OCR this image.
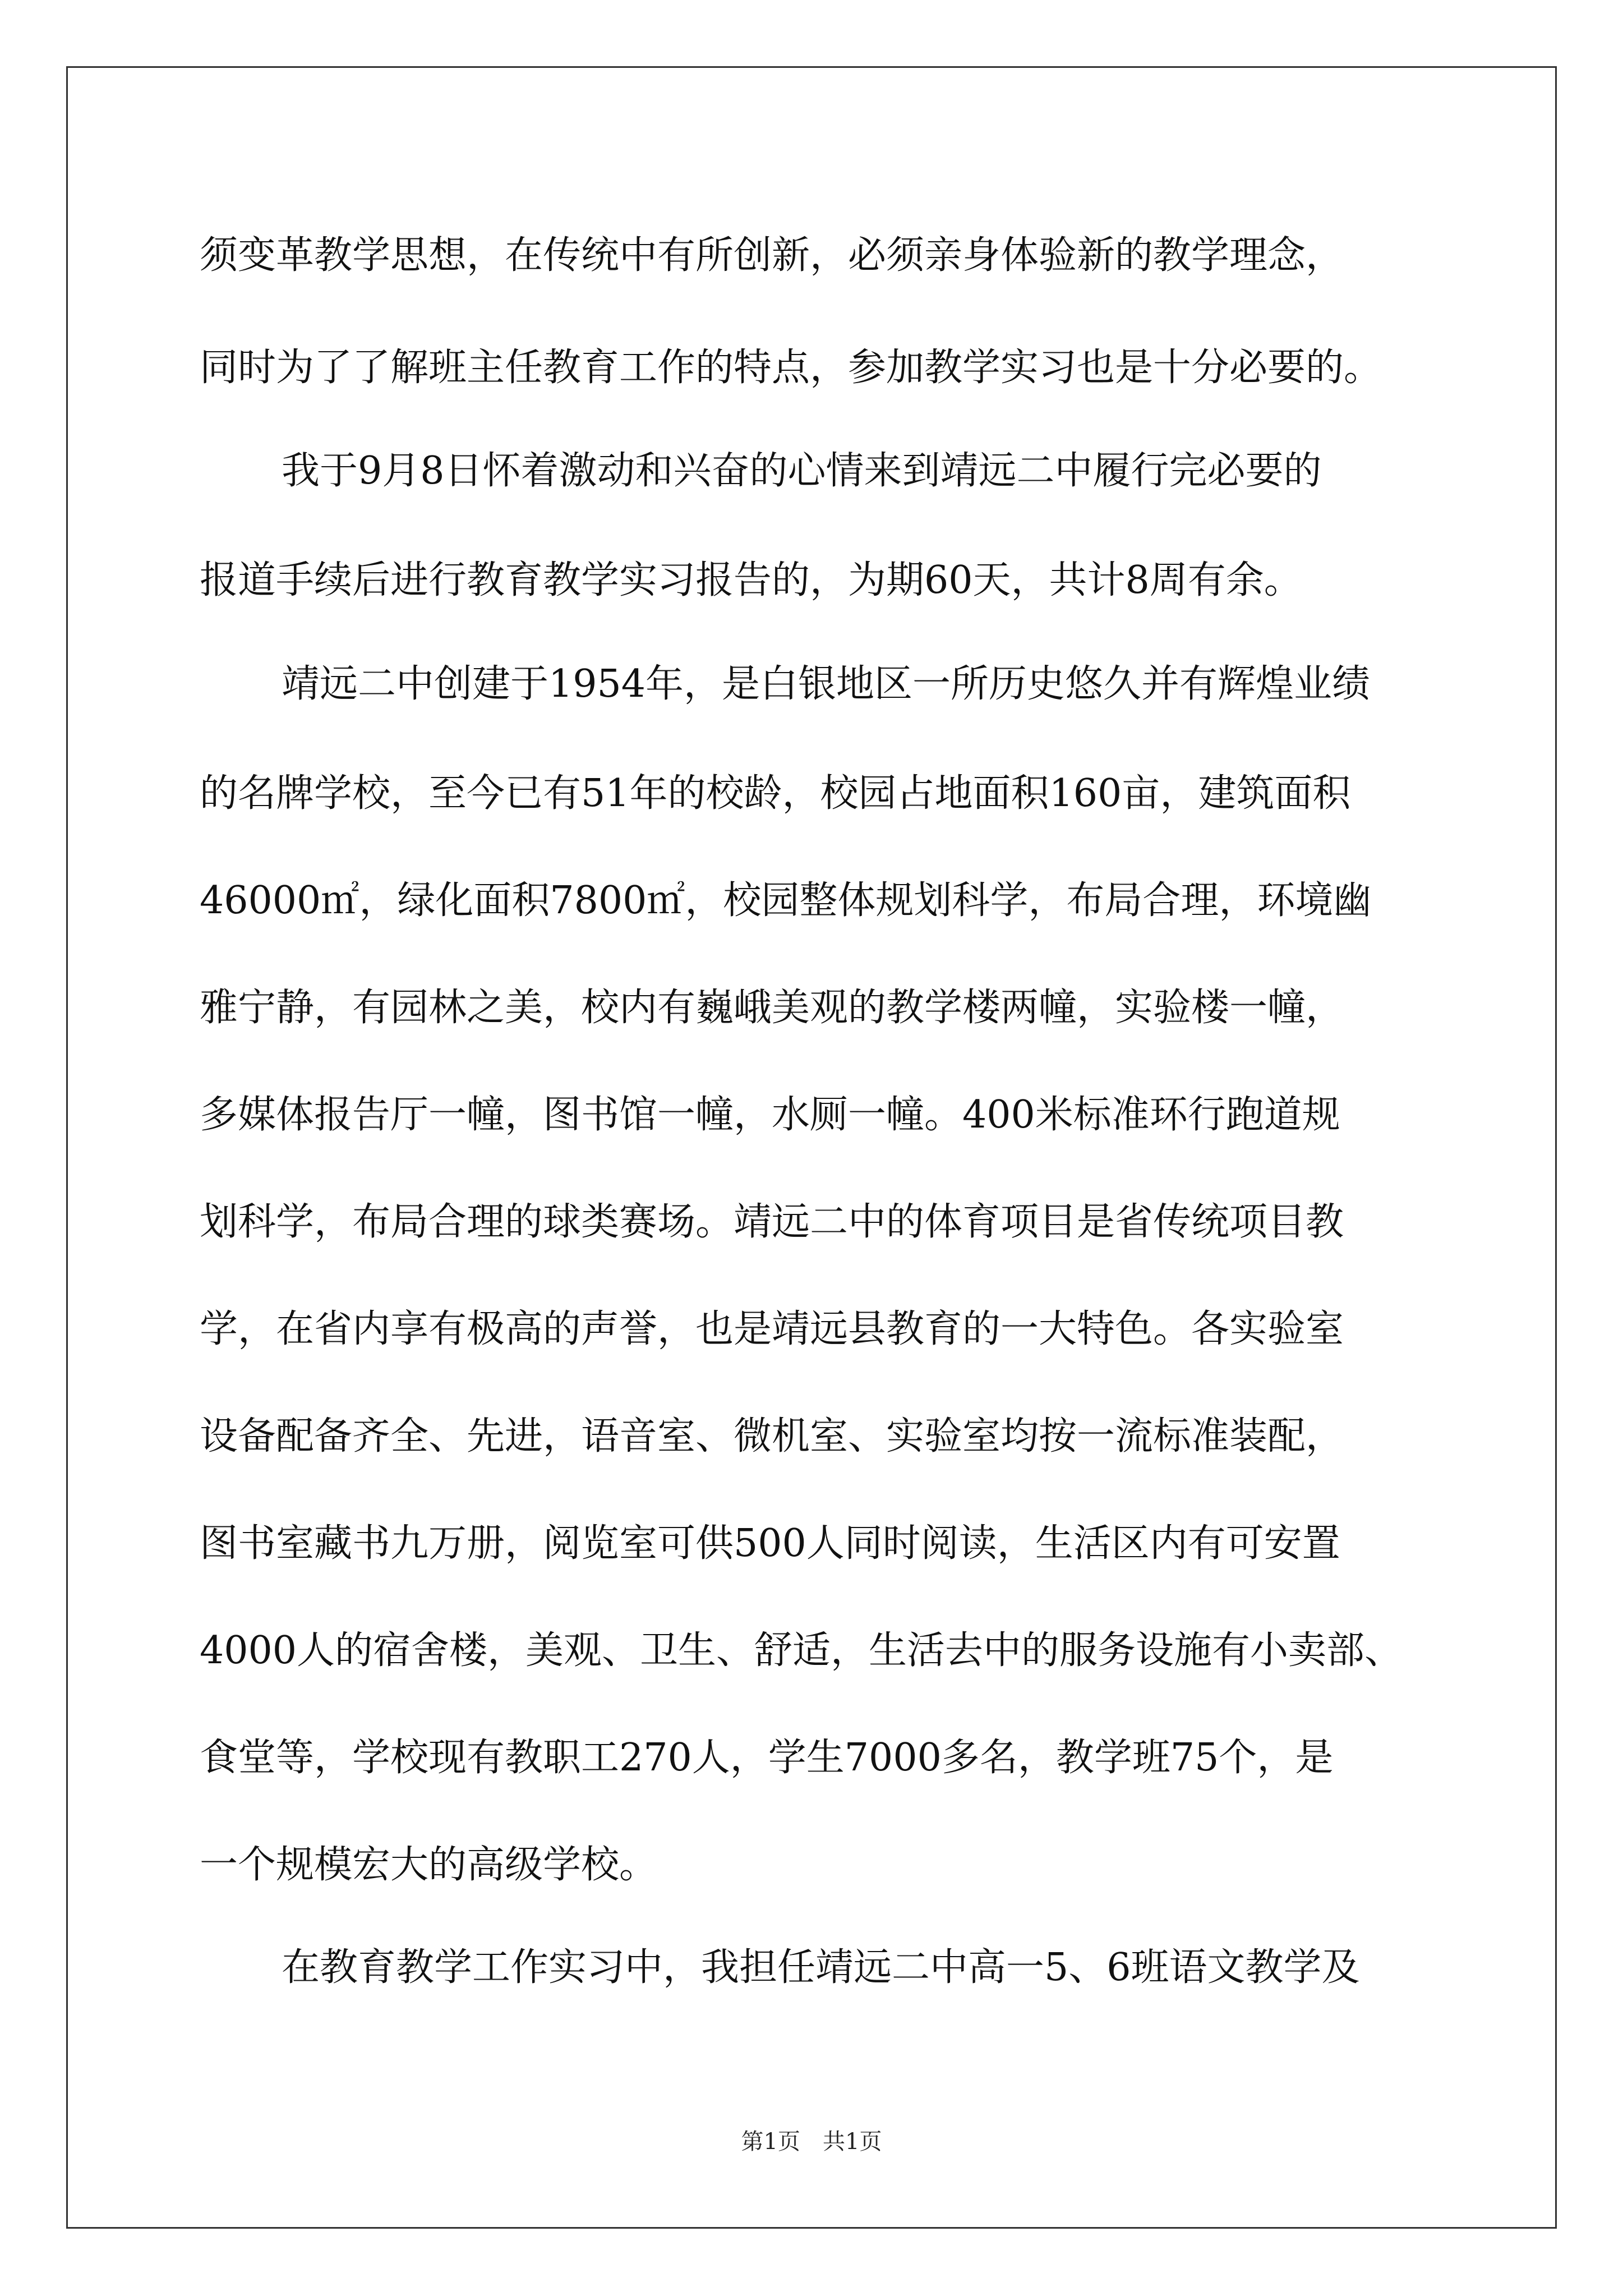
须变革教学思想，在传统中有所创新，必须亲身体验新的教学理念，
同时为了了解班主任教育工作的特点，参加教学实习也是十分必要的。
我于9月8日怀着激动和兴奋的心情来到靖远二中履行完必要的
报道手续后进行教育教学实习报告的，为期60天，共计8周有余。
靖远二中创建于1954年，是白银地区一所历史悠久并有辉煌业绩
的名牌学校，至今已有51年的校龄，校园占地面积160亩，建筑面积
46000㎡，绿化面积7800㎡，校园整体规划科学，布局合理，环境幽
雅宁静，有园林之美，校内有巍峨美观的教学楼两幢，实验楼一幢，
多媒体报告厅一幢，图书馆一幢，水厕一幢。400米标准环行跑道规
划科学，布局合理的球类赛场。靖远二中的体育项目是省传统项目教
学，在省内享有极高的声誉，也是靖远县教育的一大特色。各实验室
设备配备齐全、先进，语音室、微机室、实验室均按一流标准装配，
图书室藏书九万册，阅览室可供500人同时阅读，生活区内有可安置
4000人的宿舍楼，美观、卫生、舒适，生活去中的服务设施有小卖部、
食堂等，学校现有教职工270人，学生7000多名，教学班75个，是
一个规模宏大的高级学校。
在教育教学工作实习中，我担任靖远二中高一5、6班语文教学及
第1页　共1页
